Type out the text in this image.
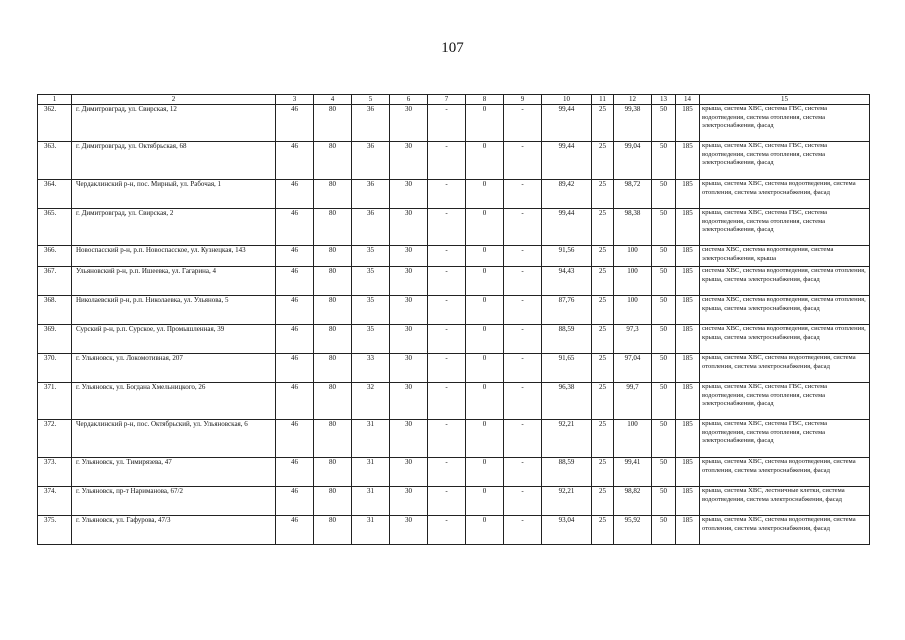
107
1	2	3	4	5	6	7	8	9	10	11	12	13	14	15
362.	г. Димитровград, ул. Свирская, 12	46	80	36	30	-	0	-	99,44	25	99,38	50	185	крыша, система ХВС, система ГВС, система водоотведения, система отопления, система электроснабжения, фасад
363.	г. Димитровград, ул. Октябрьская, 68	46	80	36	30	-	0	-	99,44	25	99,04	50	185	крыша, система ХВС, система ГВС, система водоотведения, система отопления, система электроснабжения, фасад
364.	Чердаклинский р-н, пос. Мирный, ул. Рабочая, 1	46	80	36	30	-	0	-	89,42	25	98,72	50	185	крыша, система ХВС, система водоотведения, система отопления, система электроснабжения, фасад
365.	г. Димитровград, ул. Свирская, 2	46	80	36	30	-	0	-	99,44	25	98,38	50	185	крыша, система ХВС, система ГВС, система водоотведения, система отопления, система электроснабжения, фасад
366.	Новоспасский р-н, р.п. Новоспасское, ул. Кузнецкая, 143	46	80	35	30	-	0	-	91,56	25	100	50	185	система ХВС, система водоотведения, система электроснабжения, крыша
367.	Ульяновский р-н, р.п. Ишеевка, ул. Гагарина, 4	46	80	35	30	-	0	-	94,43	25	100	50	185	система ХВС, система водоотведения, система отопления, крыша, система электроснабжения, фасад
368.	Николаевский р-н, р.п. Николаевка, ул. Ульянова, 5	46	80	35	30	-	0	-	87,76	25	100	50	185	система ХВС, система водоотведения, система отопления, крыша, система электроснабжения, фасад
369.	Сурский р-н, р.п. Сурское, ул. Промышленная, 39	46	80	35	30	-	0	-	88,59	25	97,3	50	185	система ХВС, система водоотведения, система отопления, крыша, система электроснабжения, фасад
370.	г. Ульяновск, ул. Локомотивная, 207	46	80	33	30	-	0	-	91,65	25	97,04	50	185	крыша, система ХВС, система водоотведения, система отопления, система электроснабжения, фасад
371.	г. Ульяновск, ул. Богдана Хмельницкого, 26	46	80	32	30	-	0	-	96,38	25	99,7	50	185	крыша, система ХВС, система ГВС, система водоотведения, система отопления, система электроснабжения, фасад
372.	Чердаклинский р-н, пос. Октябрьский, ул. Ульяновская, 6	46	80	31	30	-	0	-	92,21	25	100	50	185	крыша, система ХВС, система ГВС, система водоотведения, система отопления, система электроснабжения, фасад
373.	г. Ульяновск, ул. Тимирязева, 47	46	80	31	30	-	0	-	88,59	25	99,41	50	185	крыша, система ХВС, система водоотведения, система отопления, система электроснабжения, фасад
374.	г. Ульяновск, пр-т Нариманова, 67/2	46	80	31	30	-	0	-	92,21	25	98,82	50	185	крыша, система ХВС, лестничные клетки, система водоотведения, система электроснабжения, фасад
375.	г. Ульяновск, ул. Гафурова, 47/3	46	80	31	30	-	0	-	93,04	25	95,92	50	185	крыша, система ХВС, система водоотведения, система отопления, система электроснабжения, фасад
